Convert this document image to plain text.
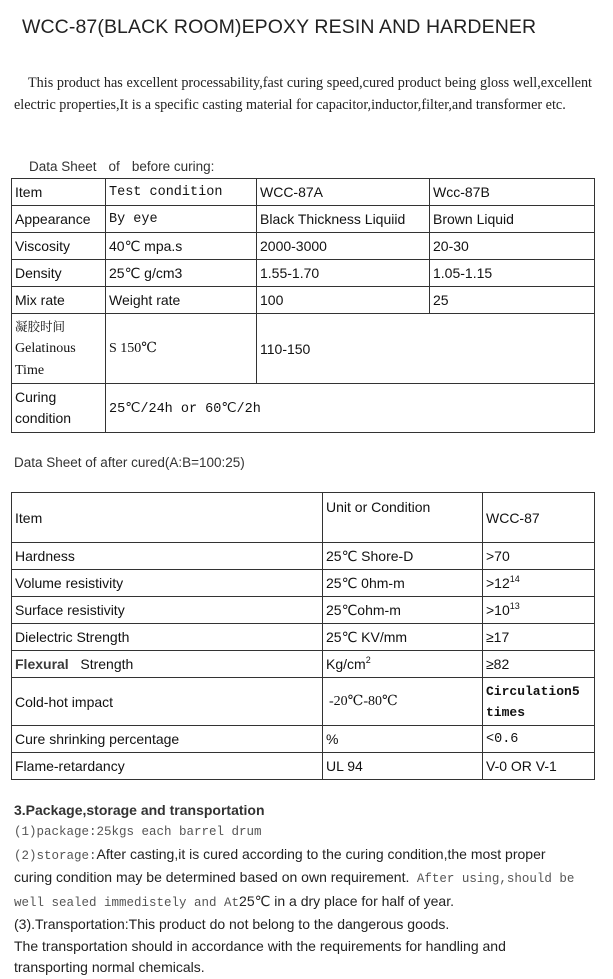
WCC-87(BLACK ROOM)EPOXY RESIN AND HARDENER
This product has excellent processability,fast curing speed,cured product being gloss well,excellent electric properties,It is a specific casting material for capacitor,inductor,filter,and transformer etc.
Data Sheet of before curing:
Item	Test condition	WCC-87A	Wcc-87B
Appearance	By eye	Black Thickness Liquiid	Brown Liquid
Viscosity	40℃ mpa.s	2000-3000	20-30
Density	25℃ g/cm3	1.55-1.70	1.05-1.15
Mix rate	Weight rate	100	25

凝胶时间
Gelatinous
Time	S 150℃	110-150	

Curing
condition	25℃/24h or 60℃/2h		
Data Sheet of after cured(A:B=100:25)
Item	Unit or Condition	WCC-87
Hardness	25℃ Shore-D	>70
Volume resistivity	25℃ 0hm-m	$>12^{14}$
Surface resistivity	25℃ohm-m	$>10^{13}$
Dielectric Strength	25℃ KV/mm	≥17
Flexural Strength	$Kg/cm^2$	≥82
Cold-hot impact	-20℃-80℃	Circulation5
times

Cure shrinking percentage	%	<0.6
Flame-retardancy	UL 94	V-0 OR V-1
3.Package,storage and transportation
(1)package:25kgs each barrel drum
(2)storage:After casting,it is cured according to the curing condition,the most proper
curing condition may be determined based on own requirement. After using,should be
well sealed immedistely and At25℃ in a dry place for half of year.
(3).Transportation:This product do not belong to the dangerous goods.
The transportation should in accordance with the requirements for handling and
transporting normal chemicals.
